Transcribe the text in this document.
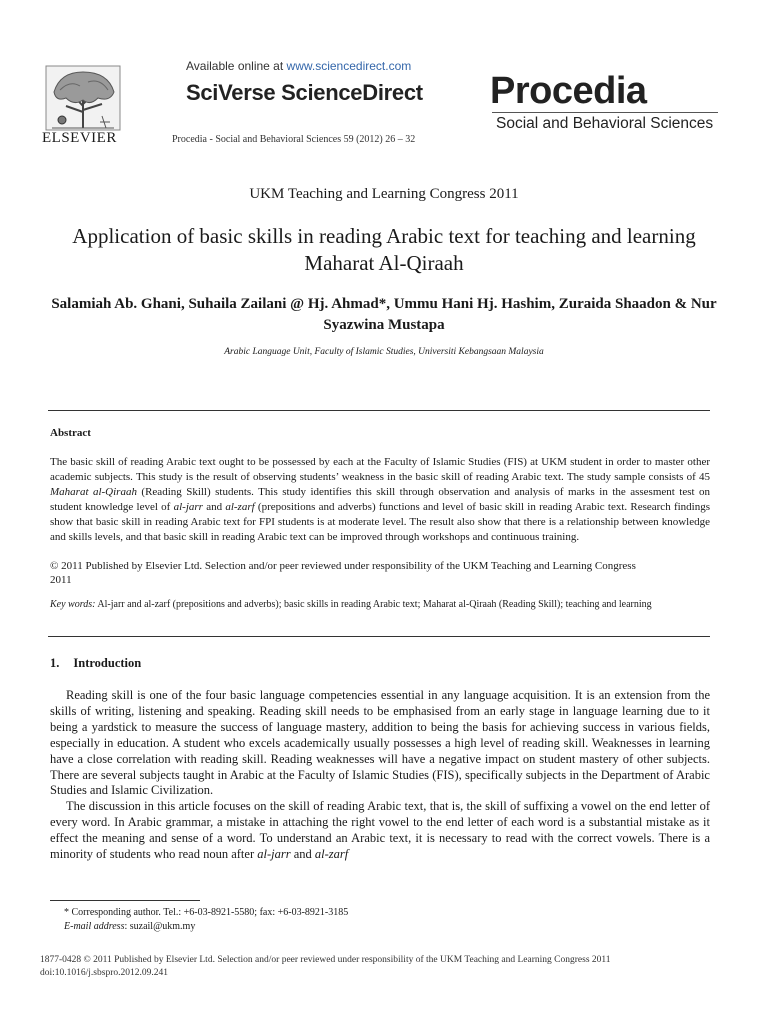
ELSEVIER
Available online at www.sciencedirect.com
SciVerse ScienceDirect
Procedia - Social and Behavioral Sciences 59 (2012) 26 – 32
Procedia
Social and Behavioral Sciences
UKM Teaching and Learning Congress 2011
Application of basic skills in reading Arabic text for teaching and learning Maharat Al-Qiraah
Salamiah Ab. Ghani, Suhaila Zailani @ Hj. Ahmad*, Ummu Hani Hj. Hashim, Zuraida Shaadon & Nur Syazwina Mustapa
Arabic Language Unit, Faculty of Islamic Studies, Universiti Kebangsaan Malaysia
Abstract
The basic skill of reading Arabic text ought to be possessed by each at the Faculty of Islamic Studies (FIS) at UKM student in order to master other academic subjects. This study is the result of observing students’ weakness in the basic skill of reading Arabic text. The study sample consists of 45 Maharat al-Qiraah (Reading Skill) students. This study identifies this skill through observation and analysis of marks in the assesment test on student knowledge level of al-jarr and al-zarf (prepositions and adverbs) functions and level of basic skill in reading Arabic text. Research findings show that basic skill in reading Arabic text for FPI students is at moderate level. The result also show that there is a relationship between knowledge and skills levels, and that basic skill in reading Arabic text can be improved through workshops and continuous training.
© 2011 Published by Elsevier Ltd. Selection and/or peer reviewed under responsibility of the UKM Teaching and Learning Congress 2011
Key words: Al-jarr and al-zarf (prepositions and adverbs); basic skills in reading Arabic text; Maharat al-Qiraah (Reading Skill); teaching and learning
1. Introduction

Reading skill is one of the four basic language competencies essential in any language acquisition. It is an extension from the skills of writing, listening and speaking. Reading skill needs to be emphasised from an early stage in language learning due to it being a yardstick to measure the success of language mastery, addition to being the basis for achieving success in various fields, especially in education. A student who excels academically usually possesses a high level of reading skill. Weaknesses in learning have a close correlation with reading skill. Reading weaknesses will have a negative impact on student mastery of other subjects. There are several subjects taught in Arabic at the Faculty of Islamic Studies (FIS), specifically subjects in the Department of Arabic Studies and Islamic Civilization.

The discussion in this article focuses on the skill of reading Arabic text, that is, the skill of suffixing a vowel on the end letter of every word. In Arabic grammar, a mistake in attaching the right vowel to the end letter of each word is a substantial mistake as it effect the meaning and sense of a word. To understand an Arabic text, it is necessary to read with the correct vowels. There is a minority of students who read noun after al-jarr and al-zarf

* Corresponding author. Tel.: +6-03-8921-5580; fax: +6-03-8921-3185
E-mail address: suzail@ukm.my
1877-0428 © 2011 Published by Elsevier Ltd. Selection and/or peer reviewed under responsibility of the UKM Teaching and Learning Congress 2011
doi:10.1016/j.sbspro.2012.09.241
